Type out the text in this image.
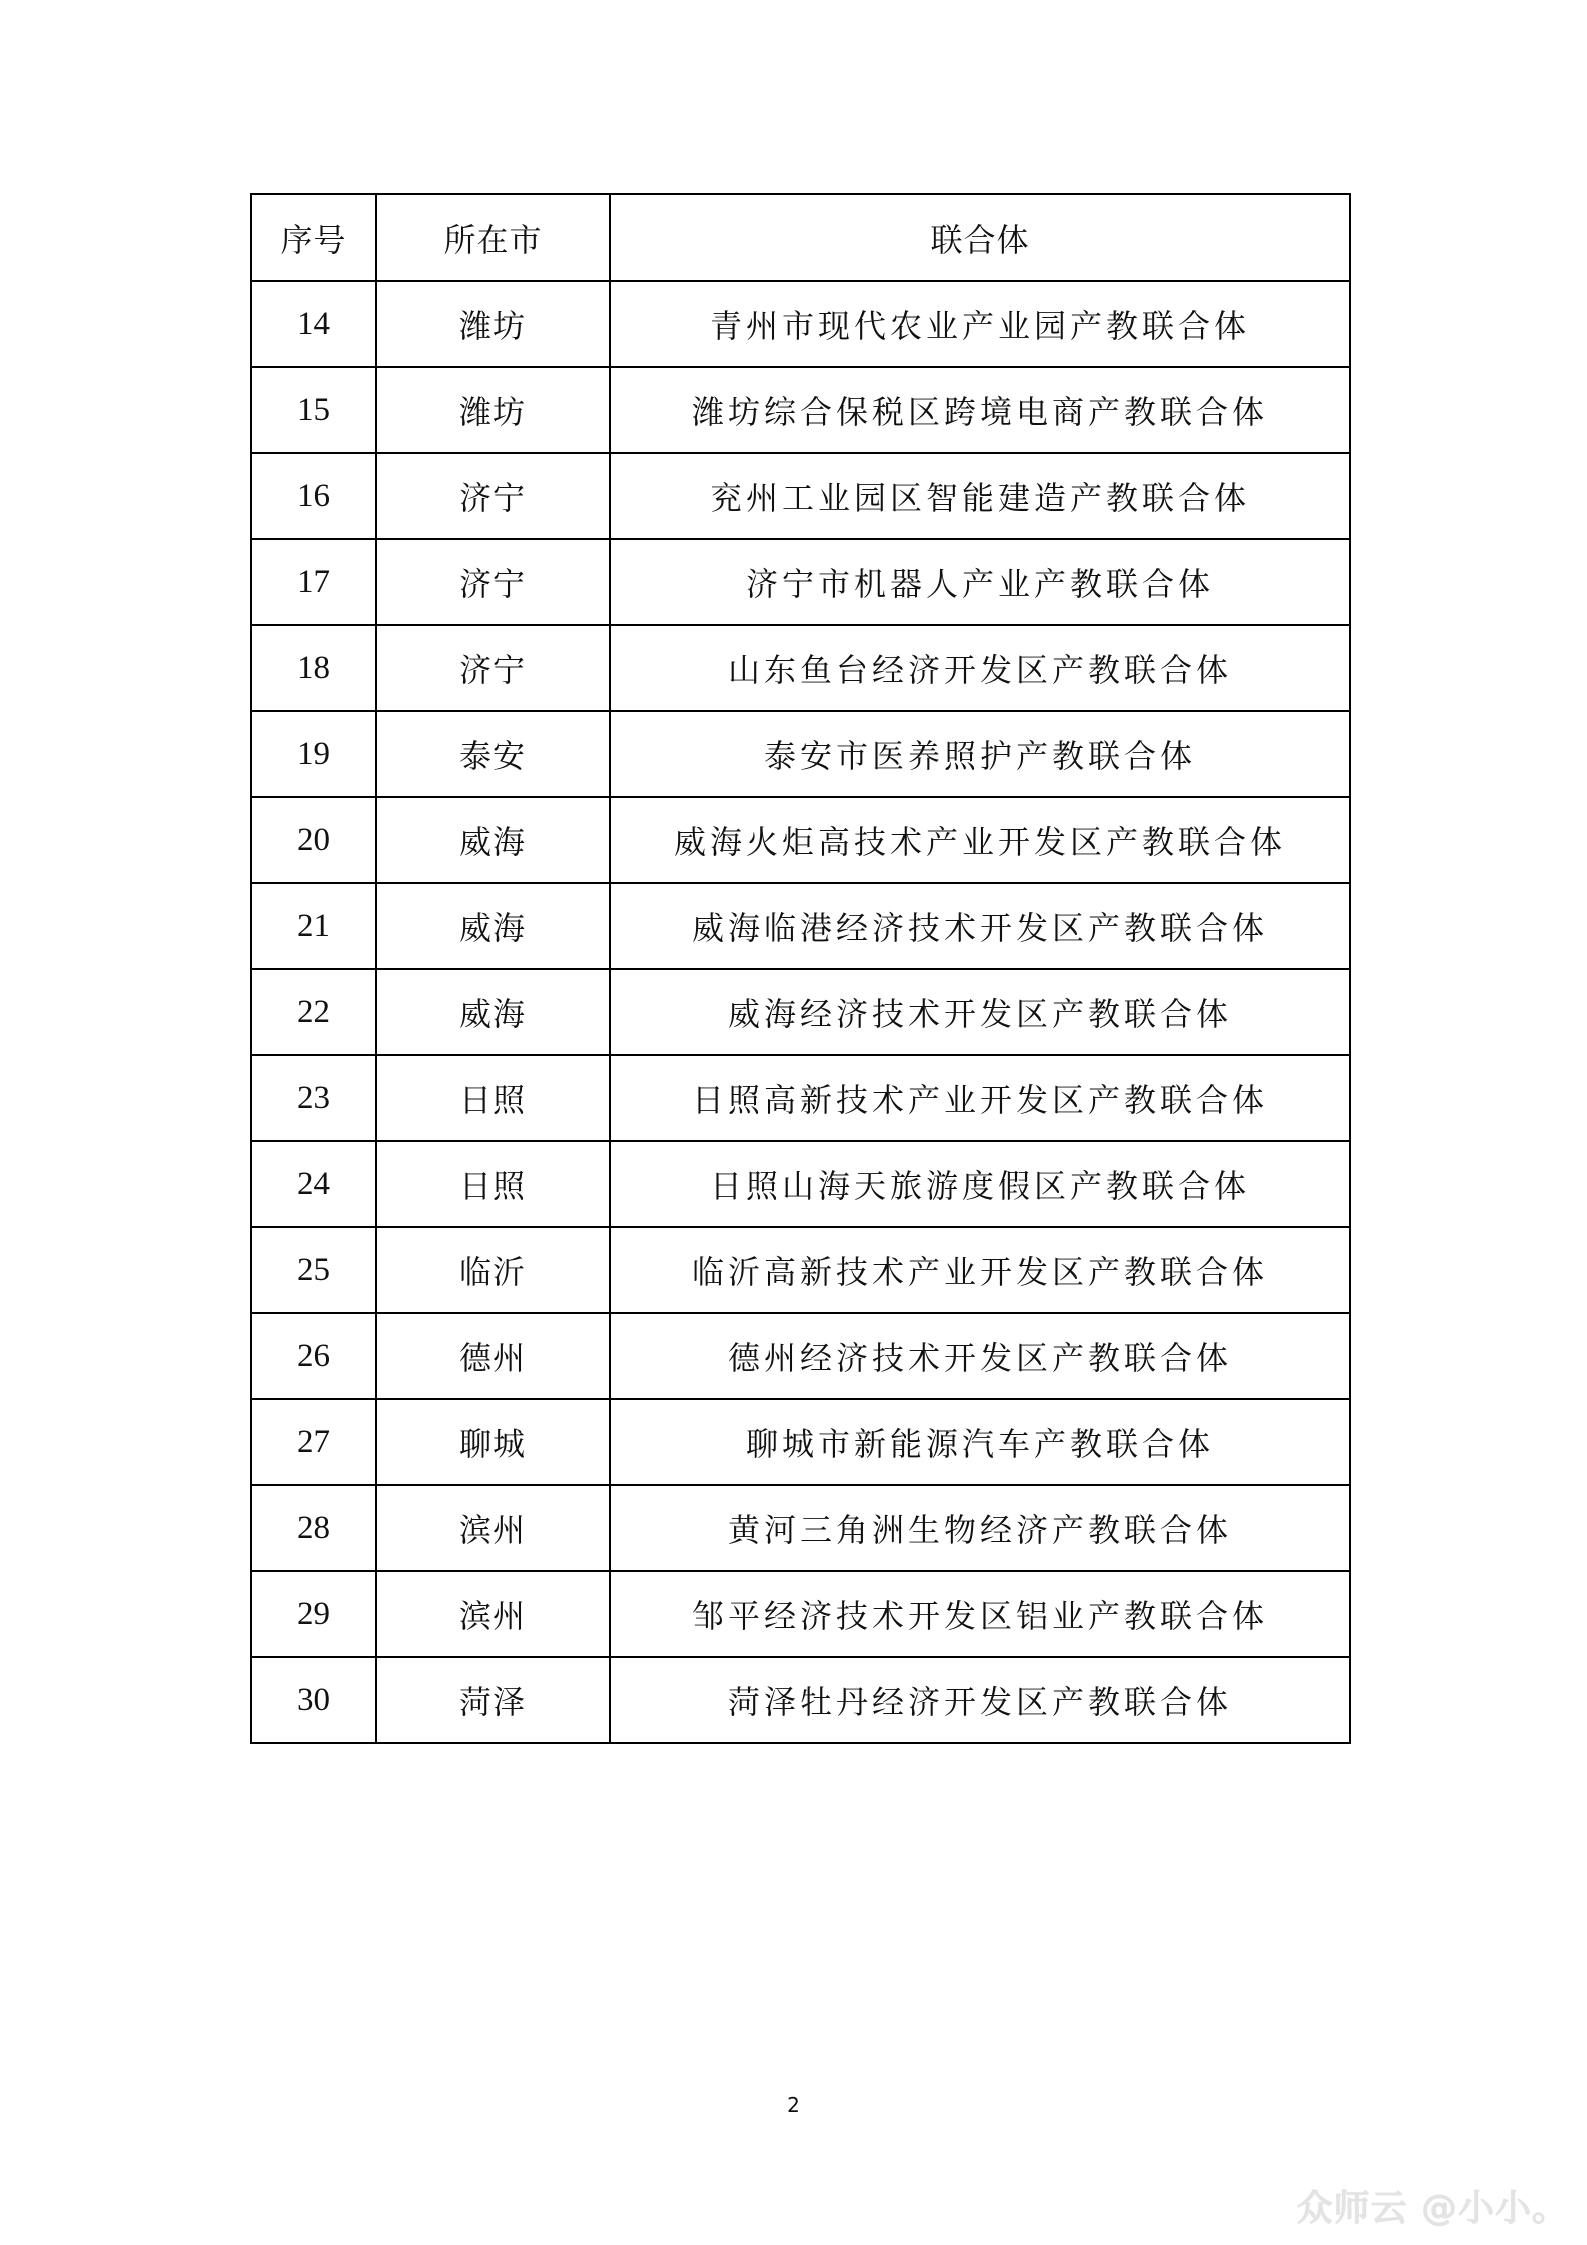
序号	所在市	联合体
14	潍坊	青州市现代农业产业园产教联合体
15	潍坊	潍坊综合保税区跨境电商产教联合体
16	济宁	兖州工业园区智能建造产教联合体
17	济宁	济宁市机器人产业产教联合体
18	济宁	山东鱼台经济开发区产教联合体
19	泰安	泰安市医养照护产教联合体
20	威海	威海火炬高技术产业开发区产教联合体
21	威海	威海临港经济技术开发区产教联合体
22	威海	威海经济技术开发区产教联合体
23	日照	日照高新技术产业开发区产教联合体
24	日照	日照山海天旅游度假区产教联合体
25	临沂	临沂高新技术产业开发区产教联合体
26	德州	德州经济技术开发区产教联合体
27	聊城	聊城市新能源汽车产教联合体
28	滨州	黄河三角洲生物经济产教联合体
29	滨州	邹平经济技术开发区铝业产教联合体
30	菏泽	菏泽牡丹经济开发区产教联合体
2
众师云 @小小。
